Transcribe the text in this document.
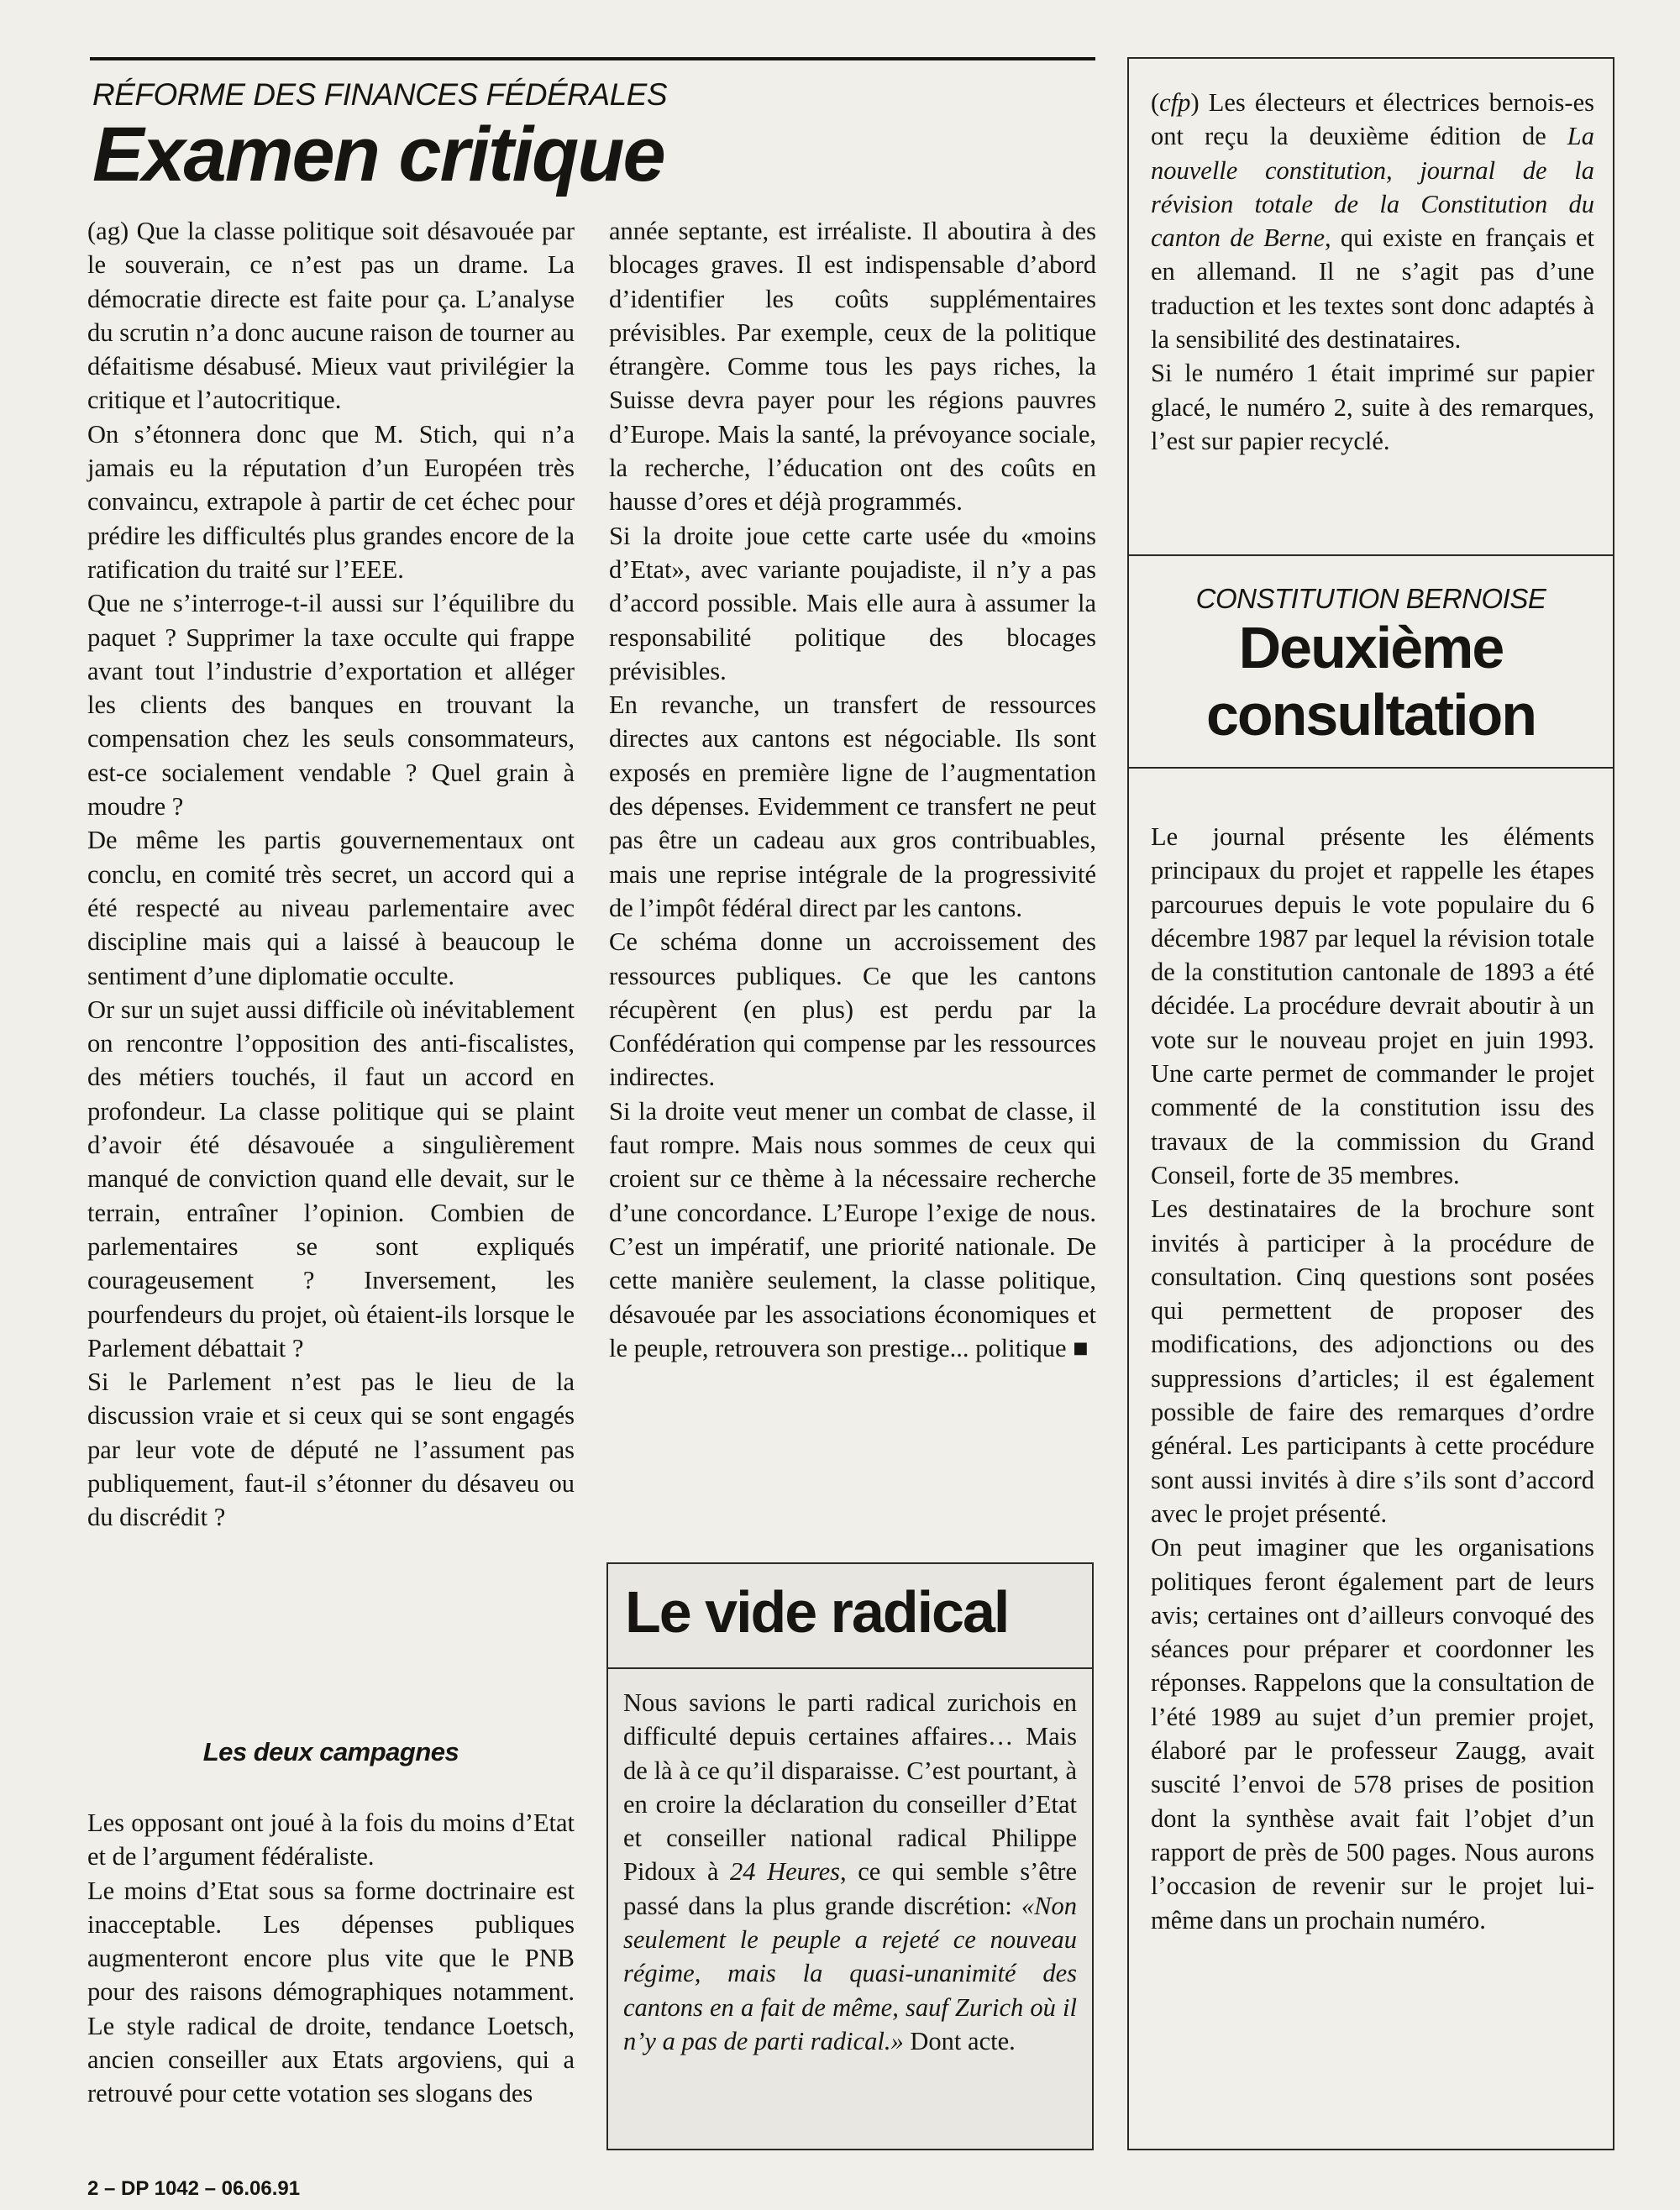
RÉFORME DES FINANCES FÉDÉRALES
Examen critique

(ag) Que la classe politique soit désavouée par le souverain, ce n’est pas un drame. La démocratie directe est faite pour ça. L’analyse du scrutin n’a donc aucune raison de tourner au défaitisme désabusé. Mieux vaut privilégier la critique et l’autocritique.

On s’étonnera donc que M. Stich, qui n’a jamais eu la réputation d’un Européen très convaincu, extrapole à partir de cet échec pour prédire les difficultés plus grandes encore de la ratification du traité sur l’EEE.

Que ne s’interroge-t-il aussi sur l’équilibre du paquet ? Supprimer la taxe occulte qui frappe avant tout l’industrie d’exportation et alléger les clients des banques en trouvant la compensation chez les seuls consommateurs, est-ce socialement vendable ? Quel grain à moudre ?

De même les partis gouvernementaux ont conclu, en comité très secret, un accord qui a été respecté au niveau parlementaire avec discipline mais qui a laissé à beaucoup le sentiment d’une diplomatie occulte.

Or sur un sujet aussi difficile où inévitablement on rencontre l’opposition des anti-fiscalistes, des métiers touchés, il faut un accord en profondeur. La classe politique qui se plaint d’avoir été désavouée a singulièrement manqué de conviction quand elle devait, sur le terrain, entraîner l’opinion. Combien de parlementaires se sont expliqués courageusement ? Inversement, les pourfendeurs du projet, où étaient-ils lorsque le Parlement débattait ?

Si le Parlement n’est pas le lieu de la discussion vraie et si ceux qui se sont engagés par leur vote de député ne l’assument pas publiquement, faut-il s’étonner du désaveu ou du discrédit ?

Les deux campagnes

Les opposant ont joué à la fois du moins d’Etat et de l’argument fédéraliste.

Le moins d’Etat sous sa forme doctrinaire est inacceptable. Les dépenses publiques augmenteront encore plus vite que le PNB pour des raisons démographiques notamment. Le style radical de droite, tendance Loetsch, ancien conseiller aux Etats argoviens, qui a retrouvé pour cette votation ses slogans des

année septante, est irréaliste. Il aboutira à des blocages graves. Il est indispensable d’abord d’identifier les coûts supplémentaires prévisibles. Par exemple, ceux de la politique étrangère. Comme tous les pays riches, la Suisse devra payer pour les régions pauvres d’Europe. Mais la santé, la prévoyance sociale, la recherche, l’éducation ont des coûts en hausse d’ores et déjà programmés.

Si la droite joue cette carte usée du «moins d’Etat», avec variante poujadiste, il n’y a pas d’accord possible. Mais elle aura à assumer la responsabilité politique des blocages prévisibles.

En revanche, un transfert de ressources directes aux cantons est négociable. Ils sont exposés en première ligne de l’augmentation des dépenses. Evidemment ce transfert ne peut pas être un cadeau aux gros contribuables, mais une reprise intégrale de la progressivité de l’impôt fédéral direct par les cantons.

Ce schéma donne un accroissement des ressources publiques. Ce que les cantons récupèrent (en plus) est perdu par la Confédération qui compense par les ressources indirectes.

Si la droite veut mener un combat de classe, il faut rompre. Mais nous sommes de ceux qui croient sur ce thème à la nécessaire recherche d’une concordance. L’Europe l’exige de nous. C’est un impératif, une priorité nationale. De cette manière seulement, la classe politique, désavouée par les associations économiques et le peuple, retrouvera son prestige... politique ■

Le vide radical

Nous savions le parti radical zurichois en difficulté depuis certaines affaires… Mais de là à ce qu’il disparaisse. C’est pourtant, à en croire la déclaration du conseiller d’Etat et conseiller national radical Philippe Pidoux à 24 Heures, ce qui semble s’être passé dans la plus grande discrétion: «Non seulement le peuple a rejeté ce nouveau régime, mais la quasi-unanimité des cantons en a fait de même, sauf Zurich où il n’y a pas de parti radical.» Dont acte.

(cfp) Les électeurs et électrices bernois-es ont reçu la deuxième édition de La nouvelle constitution, journal de la révision totale de la Constitution du canton de Berne, qui existe en français et en allemand. Il ne s’agit pas d’une traduction et les textes sont donc adaptés à la sensibilité des destinataires.

Si le numéro 1 était imprimé sur papier glacé, le numéro 2, suite à des remarques, l’est sur papier recyclé.

CONSTITUTION BERNOISE
Deuxième
consultation

Le journal présente les éléments principaux du projet et rappelle les étapes parcourues depuis le vote populaire du 6 décembre 1987 par lequel la révision totale de la constitution cantonale de 1893 a été décidée. La procédure devrait aboutir à un vote sur le nouveau projet en juin 1993. Une carte permet de commander le projet commenté de la constitution issu des travaux de la commission du Grand Conseil, forte de 35 membres.

Les destinataires de la brochure sont invités à participer à la procédure de consultation. Cinq questions sont posées qui permettent de proposer des modifications, des adjonctions ou des suppressions d’articles; il est également possible de faire des remarques d’ordre général. Les participants à cette procédure sont aussi invités à dire s’ils sont d’accord avec le projet présenté.

On peut imaginer que les organisations politiques feront également part de leurs avis; certaines ont d’ailleurs convoqué des séances pour préparer et coordonner les réponses. Rappelons que la consultation de l’été 1989 au sujet d’un premier projet, élaboré par le professeur Zaugg, avait suscité l’envoi de 578 prises de position dont la synthèse avait fait l’objet d’un rapport de près de 500 pages. Nous aurons l’occasion de revenir sur le projet lui-même dans un prochain numéro.

2 – DP 1042 – 06.06.91
